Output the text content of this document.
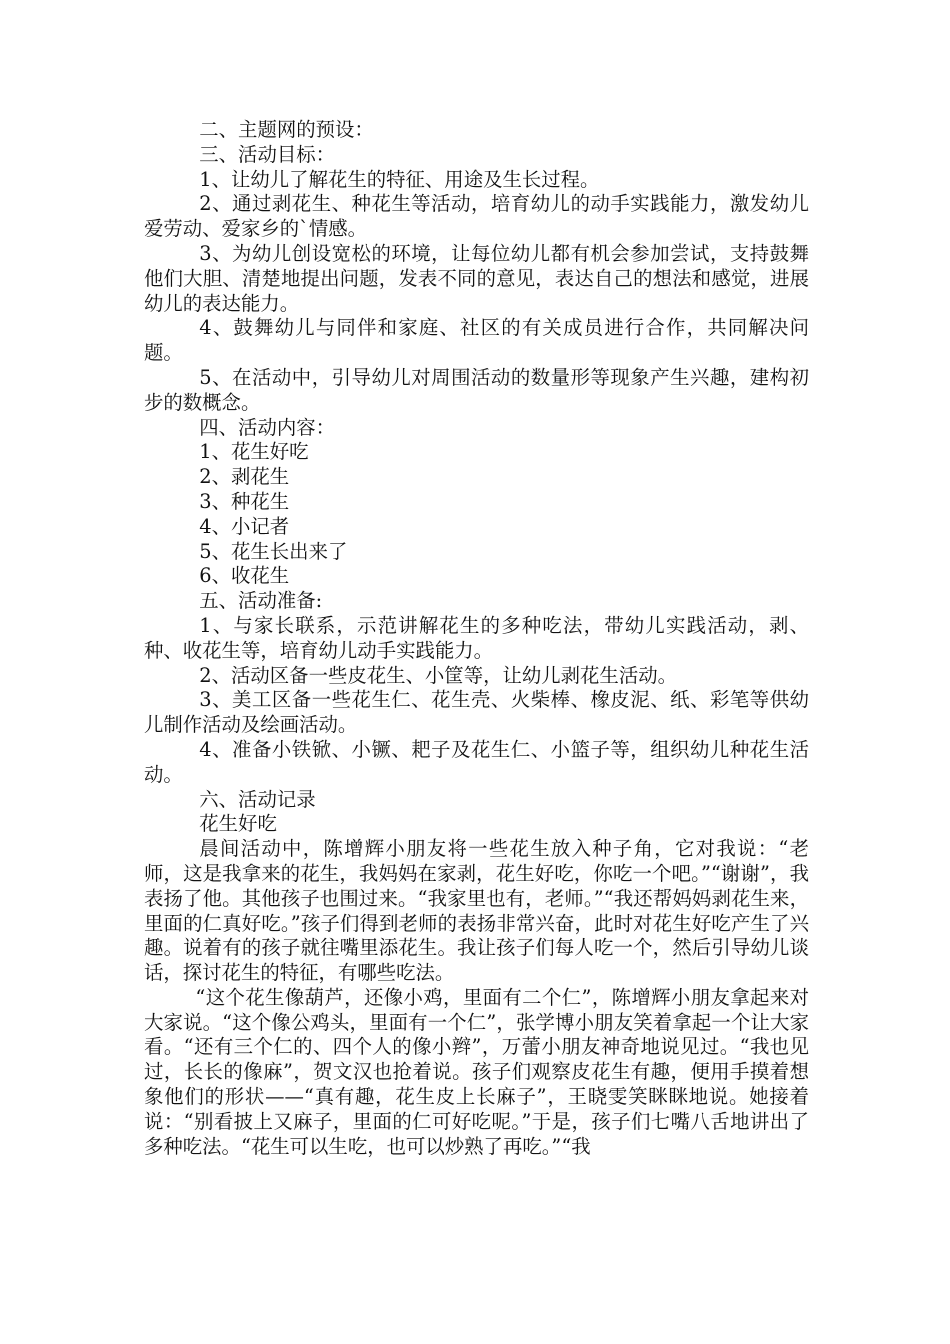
二、主题网的预设：

三、活动目标：

1、让幼儿了解花生的特征、用途及生长过程。

2、通过剥花生、种花生等活动，培育幼儿的动手实践能力，激发幼儿爱劳动、爱家乡的`情感。

3、为幼儿创设宽松的环境，让每位幼儿都有机会参加尝试，支持鼓舞他们大胆、清楚地提出问题，发表不同的意见，表达自己的想法和感觉，进展幼儿的表达能力。

4、鼓舞幼儿与同伴和家庭、社区的有关成员进行合作，共同解决问题。

5、在活动中，引导幼儿对周围活动的数量形等现象产生兴趣，建构初步的数概念。

四、活动内容：

1、花生好吃

2、剥花生

3、种花生

4、小记者

5、花生长出来了

6、收花生

五、活动准备:

1、与家长联系，示范讲解花生的多种吃法，带幼儿实践活动，剥、种、收花生等，培育幼儿动手实践能力。

2、活动区备一些皮花生、小筐等，让幼儿剥花生活动。

3、美工区备一些花生仁、花生壳、火柴棒、橡皮泥、纸、彩笔等供幼儿制作活动及绘画活动。

4、准备小铁锨、小镢、耙子及花生仁、小篮子等，组织幼儿种花生活动。

六、活动记录

花生好吃

晨间活动中，陈增辉小朋友将一些花生放入种子角，它对我说：“老师，这是我拿来的花生，我妈妈在家剥，花生好吃，你吃一个吧。”“谢谢”，我表扬了他。其他孩子也围过来。“我家里也有，老师。”“我还帮妈妈剥花生来，里面的仁真好吃。”孩子们得到老师的表扬非常兴奋，此时对花生好吃产生了兴趣。说着有的孩子就往嘴里添花生。我让孩子们每人吃一个，然后引导幼儿谈话，探讨花生的特征，有哪些吃法。

“这个花生像葫芦，还像小鸡，里面有二个仁”，陈增辉小朋友拿起来对大家说。“这个像公鸡头，里面有一个仁”，张学博小朋友笑着拿起一个让大家看。“还有三个仁的、四个人的像小辫”，万蕾小朋友神奇地说见过。“我也见过，长长的像麻”，贺文汉也抢着说。孩子们观察皮花生有趣，便用手摸着想象他们的形状——“真有趣，花生皮上长麻子”，王晓雯笑眯眯地说。她接着说：“别看披上又麻子，里面的仁可好吃呢。”于是，孩子们七嘴八舌地讲出了多种吃法。“花生可以生吃，也可以炒熟了再吃。”“我
